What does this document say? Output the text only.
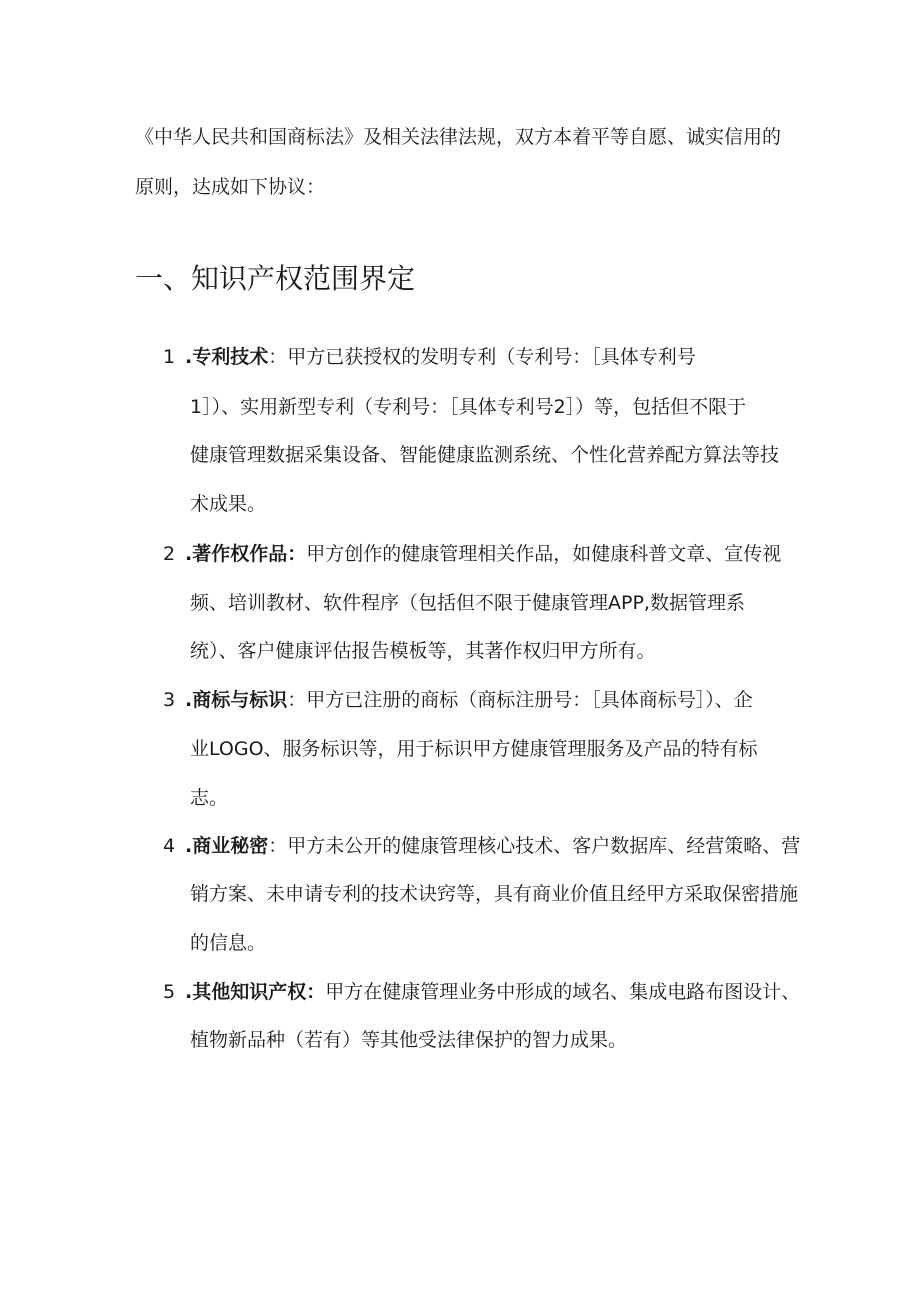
《中华人民共和国商标法》及相关法律法规，双方本着平等自愿、诚实信用的
原则，达成如下协议：
一、知识产权范围界定
1 .专利技术：甲方已获授权的发明专利（专利号：［具体专利号
1］）、实用新型专利（专利号：［具体专利号2］）等，包括但不限于
健康管理数据采集设备、智能健康监测系统、个性化营养配方算法等技
术成果。
2 .著作权作品：甲方创作的健康管理相关作品，如健康科普文章、宣传视
频、培训教材、软件程序（包括但不限于健康管理APP,数据管理系
统）、客户健康评估报告模板等，其著作权归甲方所有。
3 .商标与标识：甲方已注册的商标（商标注册号：［具体商标号］）、企
业LOGO、服务标识等，用于标识甲方健康管理服务及产品的特有标
志。
4 .商业秘密：甲方未公开的健康管理核心技术、客户数据库、经营策略、营
销方案、未申请专利的技术诀窍等，具有商业价值且经甲方采取保密措施
的信息。
5 .其他知识产权：甲方在健康管理业务中形成的域名、集成电路布图设计、
植物新品种（若有）等其他受法律保护的智力成果。
